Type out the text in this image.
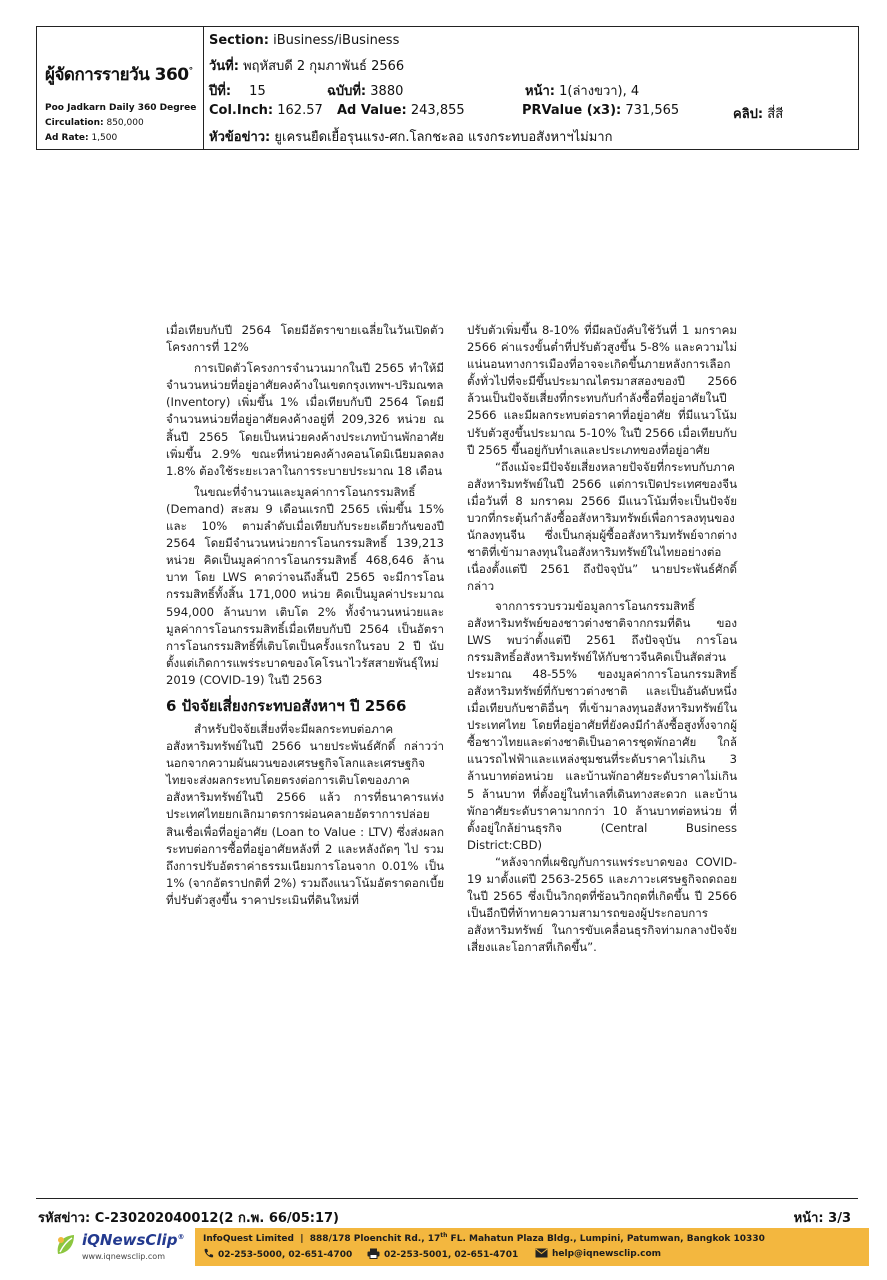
ผู้จัดการรายวัน 360°
Poo Jadkarn Daily 360 Degree
Circulation: 850,000
Ad Rate: 1,500
Section: iBusiness/iBusiness
วันที่: พฤหัสบดี 2 กุมภาพันธ์ 2566
ปีที่: 15	ฉบับที่: 3880	หน้า: 1(ล่างขวา), 4
Col.Inch: 162.57 Ad Value: 243,855	PRValue (x3): 731,565	คลิป: สี่สี
หัวข้อข่าว: ยูเครนยืดเยื้อรุนแรง-ศก.โลกชะลอ แรงกระทบอสังหาฯไม่มาก

เมื่อเทียบกับปี 2564 โดยมีอัตราขายเฉลี่ยในวันเปิดตัวโครงการที่ 12%

การเปิดตัวโครงการจำนวนมากในปี 2565 ทำให้มีจำนวนหน่วยที่อยู่อาศัยคงค้างในเขตกรุงเทพฯ-ปริมณฑล (Inventory) เพิ่มขึ้น 1% เมื่อเทียบกับปี 2564 โดยมีจำนวนหน่วยที่อยู่อาศัยคงค้างอยู่ที่ 209,326 หน่วย ณ สิ้นปี 2565 โดยเป็นหน่วยคงค้างประเภทบ้านพักอาศัยเพิ่มขึ้น 2.9% ขณะที่หน่วยคงค้างคอนโดมิเนียมลดลง 1.8% ต้องใช้ระยะเวลาในการระบายประมาณ 18 เดือน

ในขณะที่จำนวนและมูลค่าการโอนกรรมสิทธิ์ (Demand) สะสม 9 เดือนแรกปี 2565 เพิ่มขึ้น 15% และ 10% ตามลำดับเมื่อเทียบกับระยะเดียวกันของปี 2564 โดยมีจำนวนหน่วยการโอนกรรมสิทธิ์ 139,213 หน่วย คิดเป็นมูลค่าการโอนกรรมสิทธิ์ 468,646 ล้านบาท โดย LWS คาดว่าจนถึงสิ้นปี 2565 จะมีการโอนกรรมสิทธิ์ทั้งสิ้น 171,000 หน่วย คิดเป็นมูลค่าประมาณ 594,000 ล้านบาท เติบโต 2% ทั้งจำนวนหน่วยและมูลค่าการโอนกรรมสิทธิ์เมื่อเทียบกับปี 2564 เป็นอัตราการโอนกรรมสิทธิ์ที่เติบโตเป็นครั้งแรกในรอบ 2 ปี นับตั้งแต่เกิดการแพร่ระบาดของโคโรนาไวรัสสายพันธุ์ใหม่ 2019 (COVID-19) ในปี 2563

6 ปัจจัยเสี่ยงกระทบอสังหาฯ ปี 2566

สำหรับปัจจัยเสี่ยงที่จะมีผลกระทบต่อภาคอสังหาริมทรัพย์ในปี 2566 นายประพันธ์ศักดิ์ กล่าวว่า นอกจากความผันผวนของเศรษฐกิจโลกและเศรษฐกิจไทยจะส่งผลกระทบโดยตรงต่อการเติบโตของภาคอสังหาริมทรัพย์ในปี 2566 แล้ว การที่ธนาคารแห่งประเทศไทยยกเลิกมาตรการผ่อนคลายอัตราการปล่อยสินเชื่อเพื่อที่อยู่อาศัย (Loan to Value : LTV) ซึ่งส่งผลกระทบต่อการซื้อที่อยู่อาศัยหลังที่ 2 และหลังถัดๆ ไป รวมถึงการปรับอัตราค่าธรรมเนียมการโอนจาก 0.01% เป็น 1% (จากอัตราปกติที่ 2%) รวมถึงแนวโน้มอัตราดอกเบี้ยที่ปรับตัวสูงขึ้น ราคาประเมินที่ดินใหม่ที่

ปรับตัวเพิ่มขึ้น 8-10% ที่มีผลบังคับใช้วันที่ 1 มกราคม 2566 ค่าแรงขั้นต่ำที่ปรับตัวสูงขึ้น 5-8% และความไม่แน่นอนทางการเมืองที่อาจจะเกิดขึ้นภายหลังการเลือกตั้งทั่วไปที่จะมีขึ้นประมาณไตรมาสสองของปี 2566 ล้วนเป็นปัจจัยเสี่ยงที่กระทบกับกำลังซื้อที่อยู่อาศัยในปี 2566 และมีผลกระทบต่อราคาที่อยู่อาศัย ที่มีแนวโน้มปรับตัวสูงขึ้นประมาณ 5-10% ในปี 2566 เมื่อเทียบกับปี 2565 ขึ้นอยู่กับทำเลและประเภทของที่อยู่อาศัย

“ถึงแม้จะมีปัจจัยเสี่ยงหลายปัจจัยที่กระทบกับภาคอสังหาริมทรัพย์ในปี 2566 แต่การเปิดประเทศของจีนเมื่อวันที่ 8 มกราคม 2566 มีแนวโน้มที่จะเป็นปัจจัยบวกที่กระตุ้นกำลังซื้ออสังหาริมทรัพย์เพื่อการลงทุนของนักลงทุนจีน ซึ่งเป็นกลุ่มผู้ซื้ออสังหาริมทรัพย์จากต่างชาติที่เข้ามาลงทุนในอสังหาริมทรัพย์ในไทยอย่างต่อเนื่องตั้งแต่ปี 2561 ถึงปัจจุบัน” นายประพันธ์ศักดิ์ กล่าว

จากการรวบรวมข้อมูลการโอนกรรมสิทธิ์อสังหาริมทรัพย์ของชาวต่างชาติจากกรมที่ดิน ของ LWS พบว่าตั้งแต่ปี 2561 ถึงปัจจุบัน การโอนกรรมสิทธิ์อสังหาริมทรัพย์ให้กับชาวจีนคิดเป็นสัดส่วนประมาณ 48-55% ของมูลค่าการโอนกรรมสิทธิ์อสังหาริมทรัพย์ที่กับชาวต่างชาติ และเป็นอันดับหนึ่งเมื่อเทียบกับชาติอื่นๆ ที่เข้ามาลงทุนอสังหาริมทรัพย์ในประเทศไทย โดยที่อยู่อาศัยที่ยังคงมีกำลังซื้อสูงทั้งจากผู้ซื้อชาวไทยและต่างชาติเป็นอาคารชุดพักอาศัย ใกล้แนวรถไฟฟ้าและแหล่งชุมชนที่ระดับราคาไม่เกิน 3 ล้านบาทต่อหน่วย และบ้านพักอาศัยระดับราคาไม่เกิน 5 ล้านบาท ที่ตั้งอยู่ในทำเลที่เดินทางสะดวก และบ้านพักอาศัยระดับราคามากกว่า 10 ล้านบาทต่อหน่วย ที่ตั้งอยู่ใกล้ย่านธุรกิจ (Central Business District:CBD)

“หลังจากที่เผชิญกับการแพร่ระบาดของ COVID-19 มาตั้งแต่ปี 2563-2565 และภาวะเศรษฐกิจถดถอยในปี 2565 ซึ่งเป็นวิกฤตที่ซ้อนวิกฤตที่เกิดขึ้น ปี 2566 เป็นอีกปีที่ท้าทายความสามารถของผู้ประกอบการอสังหาริมทรัพย์ ในการขับเคลื่อนธุรกิจท่ามกลางปัจจัยเสี่ยงและโอกาสที่เกิดขึ้น”.

รหัสข่าว: C-230202040012(2 ก.พ. 66/05:17)	หน้า: 3/3
iQNewsClip®
www.iqnewsclip.com
InfoQuest Limited  |  888/178 Ploenchit Rd., 17th FL. Mahatun Plaza Bldg., Lumpini, Patumwan, Bangkok 10330
02-253-5000, 02-651-4700	02-253-5001, 02-651-4701	help@iqnewsclip.com
